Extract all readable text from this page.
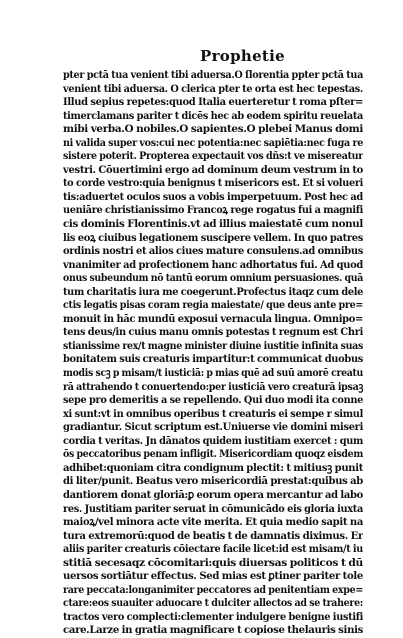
Prophetie
pter pctā tua venient tibi aduersa.O ſlorentia ppter pctā tua
venient tibi aduersa. O clerica pter te orta est hec tepestas.
Illud sepius repetes:quod Italia euerteretur t roma pſter=
timerclamans pariter t dicēs hec ab eodem spiritu reuelata
mibi verba.O nobiles.O sapientes.O plebei Manus domi
ni valida super vos:cui nec potentia:nec sapiētia:nec fuga re
sistere poterit. Propterea expectauit vos dñs:t ve misereatur
vestri. Cōuertimini ergo ad dominum deum vestrum in to
to corde vestro:quia benignus t misericors est. Et si volueri
tis:aduertet oculos suos a vobis imperpetuum. Post hec ad
ueniāre christianissimo Francoꝝ rege rogatus fui a magnifi
cis dominis Florentinis.vt ad illius maiestatē cum nonul
lis eoꝝ ciuibus legationem suscipere vellem. In quo patres
ordinis nostri et alios ciues mature consulens.ad omnibus
vnanimiter ad profectionem hanc adhortatus fui. Ad quod
onus subeundum nō tantū eorum omnium persuasiones. quā
tum charitatis iura me coegerunt.Profectus itaqz cum dele
ctis legatis pisas coram regia maiestate/ que deus ante pre=
monuit in hāc mundū exposui vernacula lingua. Omnipo=
tens deus/in cuius manu omnis potestas t regnum est Chri
stianissime rex/t magne minister diuine iustitie infinita suas
bonitatem suis creaturis impartitur:t communicat duobus
modis scꝫ p misam/t iusticiā: p mias quē ad suū amorē creatu
rā attrahendo t conuertendo:per iusticiā vero creaturā ipsaꝫ
sepe pro demeritis a se repellendo. Qui duo modi ita conne
xi sunt:vt in omnibus operibus t creaturis ei sempe r simul
gradiantur. Sicut scriptum est.Uniuerse vie domini miseri
cordia t veritas. Jn dānatos quidem iustitiam exercet : qum
ōs peccatoribus penam infligit. Misericordiam quoqz eisdem
adhibet:quoniam citra condignum plectit: t mitiusꝫ punit
di liter/punit. Beatus vero misericordiā prestat:quibus ab
dantiorem donat gloriā:ꝑ eorum opera mercantur ad labo
res. Justitiam pariter seruat in cōmunicādo eis gloria iuxta
maioꝝ/vel minora acte vite merita. Et quia medio sapit na
tura extremorū:quod de beatis t de damnatis diximus. Er
aliis pariter creaturis cōiectare facile licet:id est misam/t iu
stitiā secesaqz cōcomitari:quis diuersas politicos t dū
uersos sortiātur effectus. Sed mias est ꝑtiner pariter tole
rare peccata:longanimiter peccatores ad penitentiam expe=
ctare:eos suauiter aduocare t dulciter allectos ad se trahere:
tractos vero complecti:clementer indulgere benigne iustifi
care.Larze in gratia magnificare t copiose thelauris sinis
